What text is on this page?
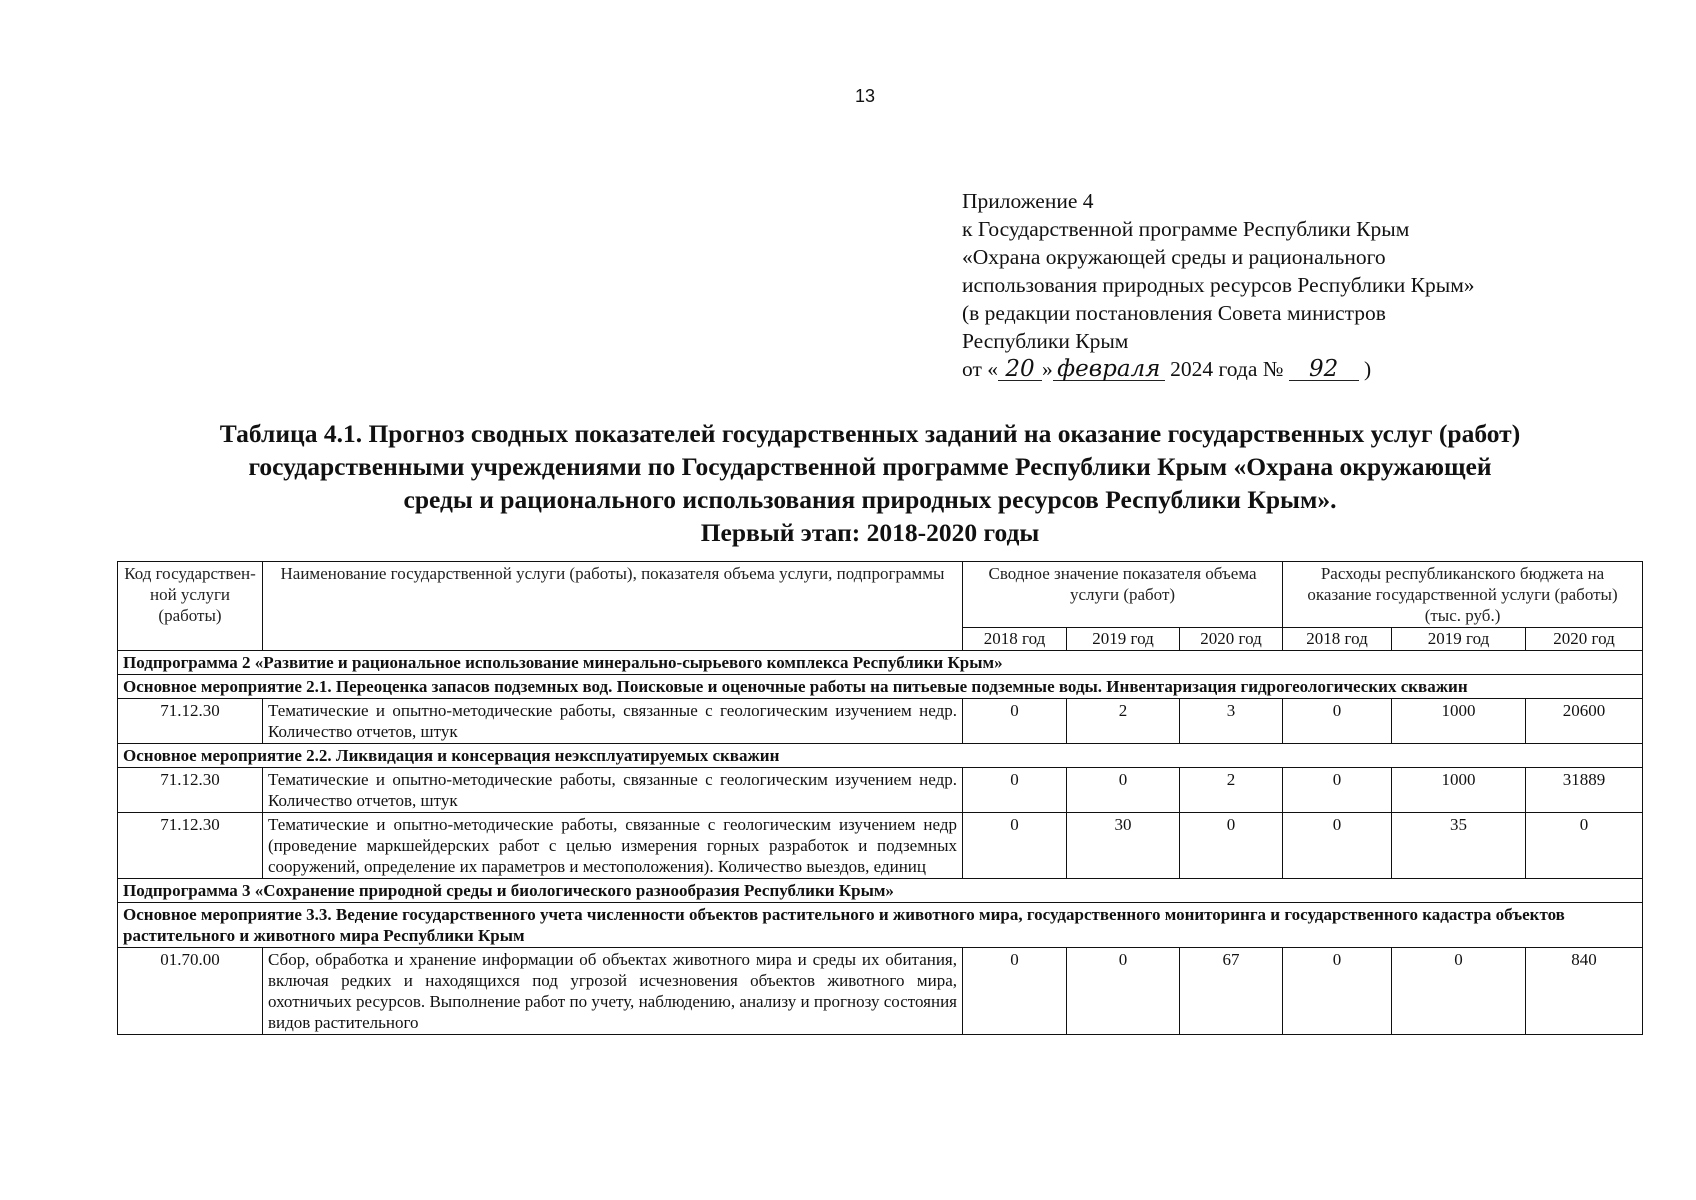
13
Приложение 4
к Государственной программе Республики Крым
«Охрана окружающей среды и рационального
использования природных ресурсов Республики Крым»
(в редакции постановления Совета министров
Республики Крым
от « 20 » февраля 2024 года № 92 )
Таблица 4.1. Прогноз сводных показателей государственных заданий на оказание государственных услуг (работ)
государственными учреждениями по Государственной программе Республики Крым «Охрана окружающей
среды и рационального использования природных ресурсов Республики Крым».
Первый этап: 2018-2020 годы
Код государствен-ной услуги (работы)	Наименование государственной услуги (работы), показателя объема услуги, подпрограммы	Сводное значение показателя объема услуги (работ)			Расходы республиканского бюджета на оказание государственной услуги (работы) (тыс. руб.)		
		2018 год	2019 год	2020 год	2018 год	2019 год	2020 год
Подпрограмма 2 «Развитие и рациональное использование минерально-сырьевого комплекса Республики Крым»							
Основное мероприятие 2.1. Переоценка запасов подземных вод. Поисковые и оценочные работы на питьевые подземные воды. Инвентаризация гидрогеологических скважин							
71.12.30	Тематические и опытно-методические работы, связанные с геологическим изучением недр. Количество отчетов, штук	0	2	3	0	1000	20600
Основное мероприятие 2.2. Ликвидация и консервация неэксплуатируемых скважин							
71.12.30	Тематические и опытно-методические работы, связанные с геологическим изучением недр. Количество отчетов, штук	0	0	2	0	1000	31889
71.12.30	Тематические и опытно-методические работы, связанные с геологическим изучением недр (проведение маркшейдерских работ с целью измерения горных разработок и подземных сооружений, определение их параметров и местоположения). Количество выездов, единиц	0	30	0	0	35	0
Подпрограмма 3 «Сохранение природной среды и биологического разнообразия Республики Крым»							
Основное мероприятие 3.3. Ведение государственного учета численности объектов растительного и животного мира, государственного мониторинга и государственного кадастра объектов растительного и животного мира Республики Крым							
01.70.00	Сбор, обработка и хранение информации об объектах животного мира и среды их обитания, включая редких и находящихся под угрозой исчезновения объектов животного мира, охотничьих ресурсов. Выполнение работ по учету, наблюдению, анализу и прогнозу состояния видов растительного	0	0	67	0	0	840
